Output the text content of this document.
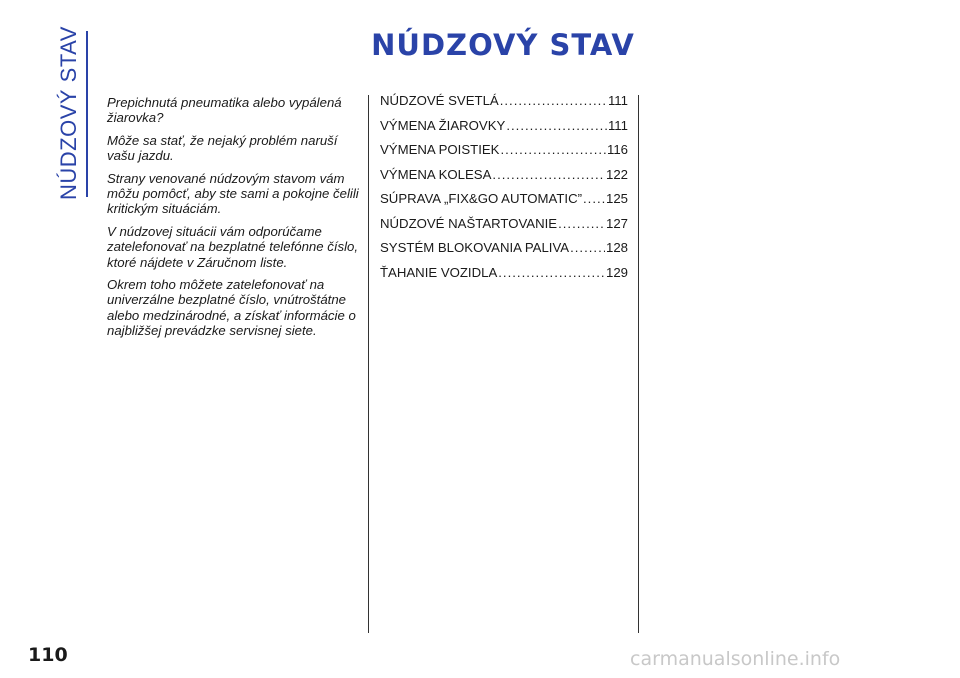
NÚDZOVÝ STAV	NÚDZOVÝ STAV

Prepichnutá pneumatika alebo vypálená žiarovka?

Môže sa stať, že nejaký problém naruší vašu jazdu.

Strany venované núdzovým stavom vám môžu pomôcť, aby ste sami a pokojne čelili kritickým situáciám.

V núdzovej situácii vám odporúčame zatelefonovať na bezplatné telefónne číslo, ktoré nájdete v Záručnom liste.

Okrem toho môžete zatelefonovať na univerzálne bezplatné číslo, vnútroštátne alebo medzinárodné, a získať informácie o najbližšej prevádzke servisnej siete.

NÚDZOVÉ SVETLÁ .....	111
VÝMENA ŽIAROVKY .....	111
VÝMENA POISTIEK .....	116
VÝMENA KOLESA .....	122
SÚPRAVA „FIX&GO AUTOMATIC” ..... 125
NÚDZOVÉ NAŠTARTOVANIE .....	127
SYSTÉM BLOKOVANIA PALIVA .....	128
ŤAHANIE VOZIDLA .....	129
110	carmanualsonline.info
